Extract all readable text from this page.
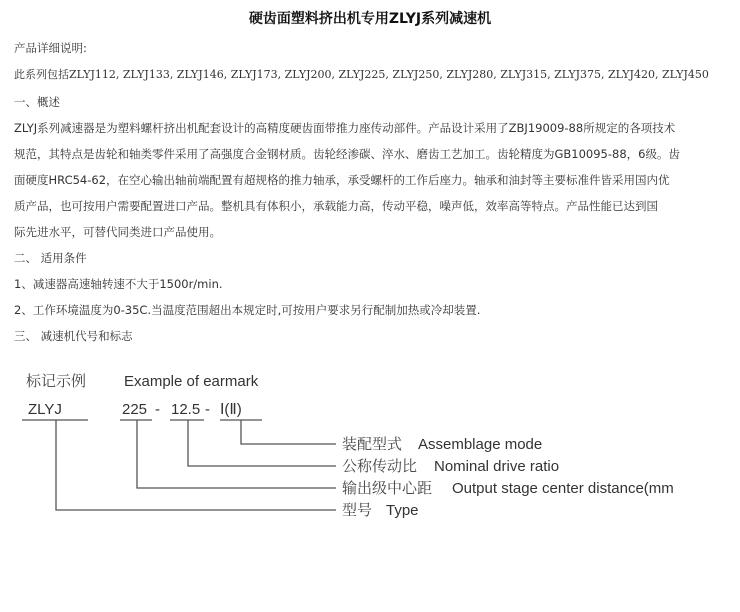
硬齿面塑料挤出机专用ZLYJ系列减速机
产品详细说明:
此系列包括ZLYJ112, ZLYJ133, ZLYJ146, ZLYJ173, ZLYJ200, ZLYJ225, ZLYJ250, ZLYJ280, ZLYJ315, ZLYJ375, ZLYJ420, ZLYJ450
一、概述
ZLYJ系列减速器是为塑料螺杆挤出机配套设计的高精度硬齿面带推力座传动部件。产品设计采用了ZBJ19009-88所规定的各项技术
规范，其特点是齿轮和轴类零件采用了高强度合金钢材质。齿轮经渗碳、淬水、磨齿工艺加工。齿轮精度为GB10095-88，6级。齿
面硬度HRC54-62，在空心输出轴前端配置有超规格的推力轴承，承受螺杆的工作后座力。轴承和油封等主要标准件皆采用国内优
质产品，也可按用户需要配置进口产品。整机具有体积小，承载能力高，传动平稳，噪声低，效率高等特点。产品性能已达到国
际先进水平，可替代同类进口产品使用。
二、 适用条件
1、减速器高速轴转速不大于1500r/min.
2、工作环境温度为0-35C.当温度范围超出本规定时,可按用户要求另行配制加热或冷却装置.
三、 减速机代号和标志
标记示例	Example of earmark
ZLYJ	225 - 12.5 - Ⅰ(Ⅱ)
装配型式 Assemblage mode
公称传动比 Nominal drive ratio
输出级中心距 Output stage center distance(mm
型号 Type
